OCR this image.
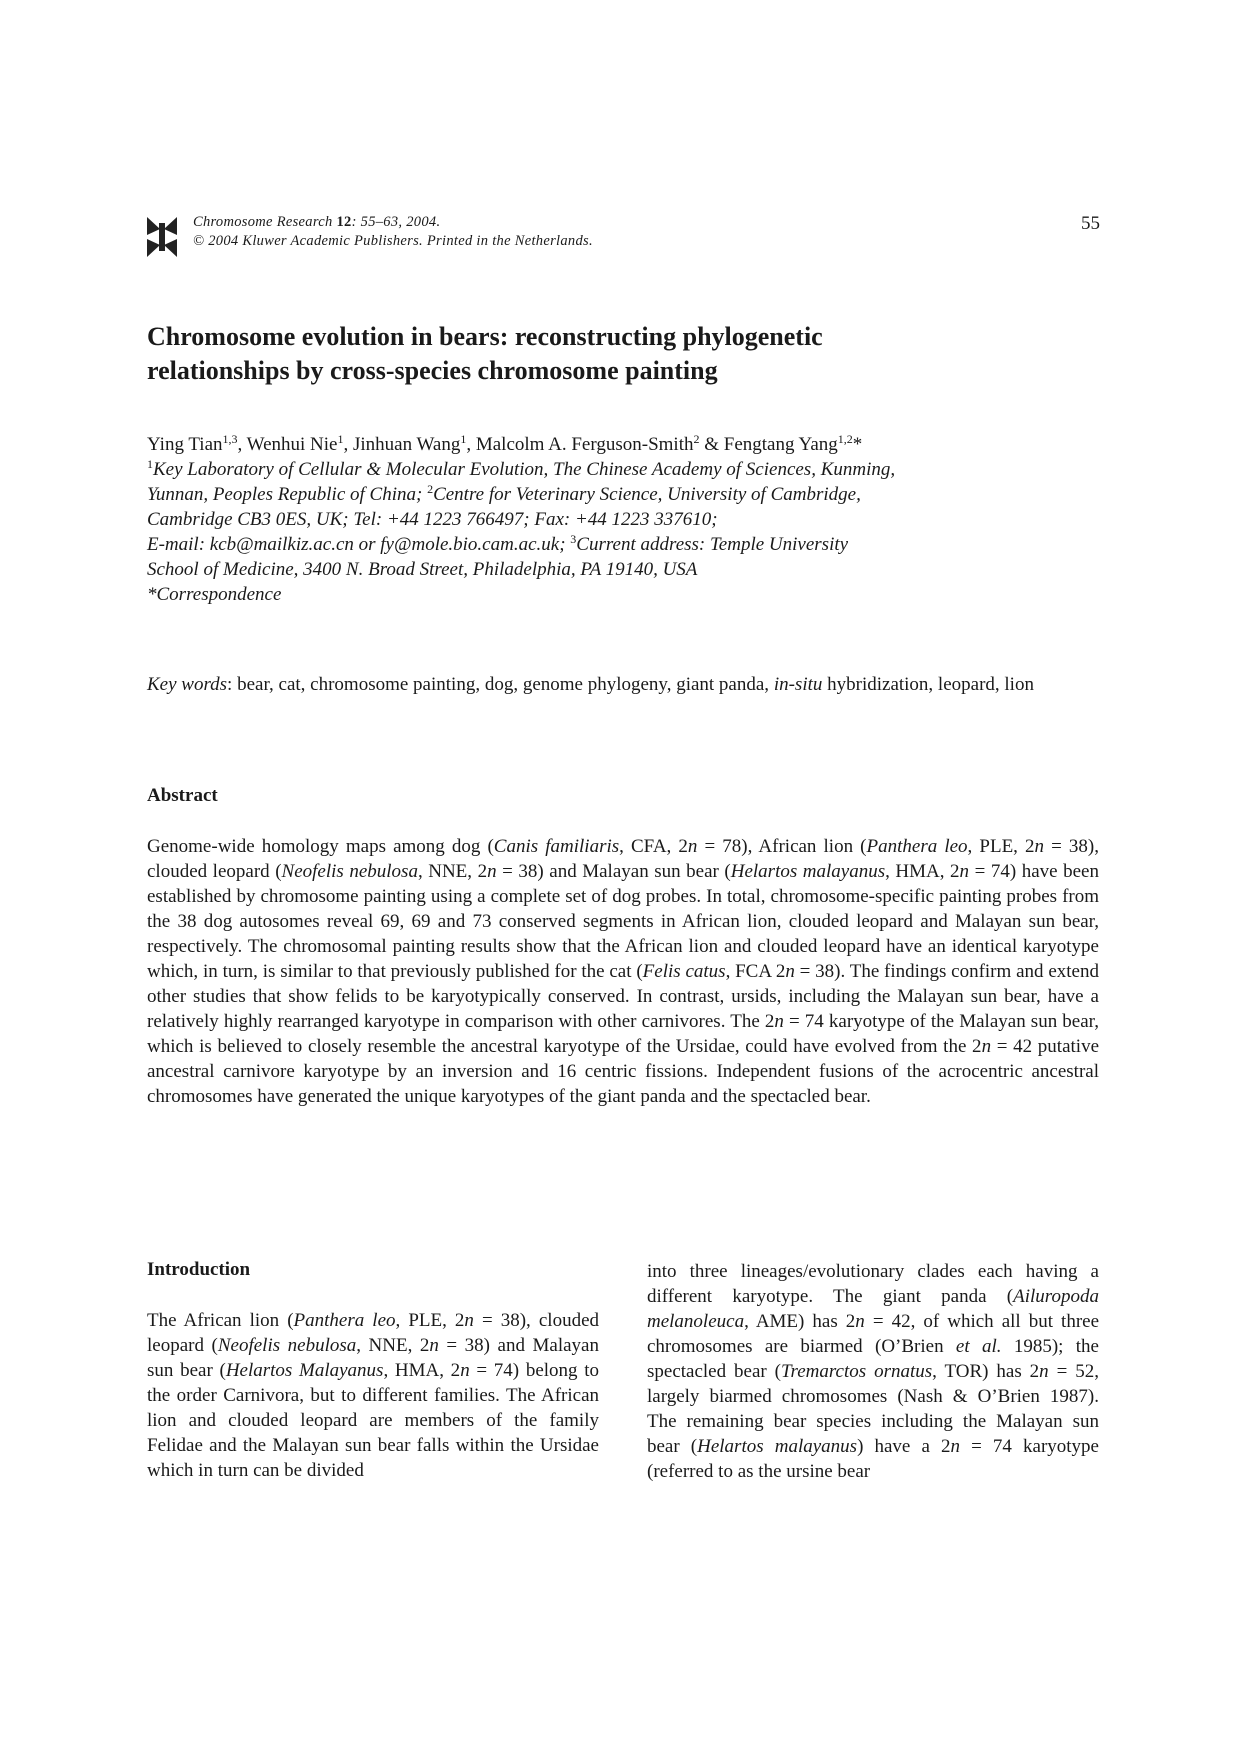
Chromosome Research 12: 55–63, 2004.
© 2004 Kluwer Academic Publishers. Printed in the Netherlands.
55
Chromosome evolution in bears: reconstructing phylogenetic
relationships by cross-species chromosome painting
Ying Tian$^{1,3}$, Wenhui Nie$^1$, Jinhuan Wang$^1$, Malcolm A. Ferguson-Smith$^2$ & Fengtang Yang$^{1,2}$*
$^1$Key Laboratory of Cellular & Molecular Evolution, The Chinese Academy of Sciences, Kunming,
Yunnan, Peoples Republic of China; $^2$Centre for Veterinary Science, University of Cambridge,
Cambridge CB3 0ES, UK; Tel: +44 1223 766497; Fax: +44 1223 337610;
E-mail: kcb@mailkiz.ac.cn or fy@mole.bio.cam.ac.uk; $^3$Current address: Temple University
School of Medicine, 3400 N. Broad Street, Philadelphia, PA 19140, USA
*Correspondence
Key words: bear, cat, chromosome painting, dog, genome phylogeny, giant panda, in-situ hybridization, leopard, lion
Abstract

Genome-wide homology maps among dog (Canis familiaris, CFA, 2n = 78), African lion (Panthera leo, PLE, 2n = 38), clouded leopard (Neofelis nebulosa, NNE, 2n = 38) and Malayan sun bear (Helartos malayanus, HMA, 2n = 74) have been established by chromosome painting using a complete set of dog probes. In total, chromosome-specific painting probes from the 38 dog autosomes reveal 69, 69 and 73 conserved segments in African lion, clouded leopard and Malayan sun bear, respectively. The chromosomal painting results show that the African lion and clouded leopard have an identical karyotype which, in turn, is similar to that previously published for the cat (Felis catus, FCA 2n = 38). The findings confirm and extend other studies that show felids to be karyotypically conserved. In contrast, ursids, including the Malayan sun bear, have a relatively highly rearranged karyotype in comparison with other carnivores. The 2n = 74 karyotype of the Malayan sun bear, which is believed to closely resemble the ancestral karyotype of the Ursidae, could have evolved from the 2n = 42 putative ancestral carnivore karyotype by an inversion and 16 centric fissions. Independent fusions of the acrocentric ancestral chromosomes have generated the unique karyotypes of the giant panda and the spectacled bear.

Introduction

The African lion (Panthera leo, PLE, 2n = 38), clouded leopard (Neofelis nebulosa, NNE, 2n = 38) and Malayan sun bear (Helartos Malayanus, HMA, 2n = 74) belong to the order Carnivora, but to different families. The African lion and clouded leopard are members of the family Felidae and the Malayan sun bear falls within the Ursidae which in turn can be divided

into three lineages/evolutionary clades each having a different karyotype. The giant panda (Ailuropoda melanoleuca, AME) has 2n = 42, of which all but three chromosomes are biarmed (O’Brien et al. 1985); the spectacled bear (Tremarctos ornatus, TOR) has 2n = 52, largely biarmed chromosomes (Nash & O’Brien 1987). The remaining bear species including the Malayan sun bear (Helartos malayanus) have a 2n = 74 karyotype (referred to as the ursine bear
